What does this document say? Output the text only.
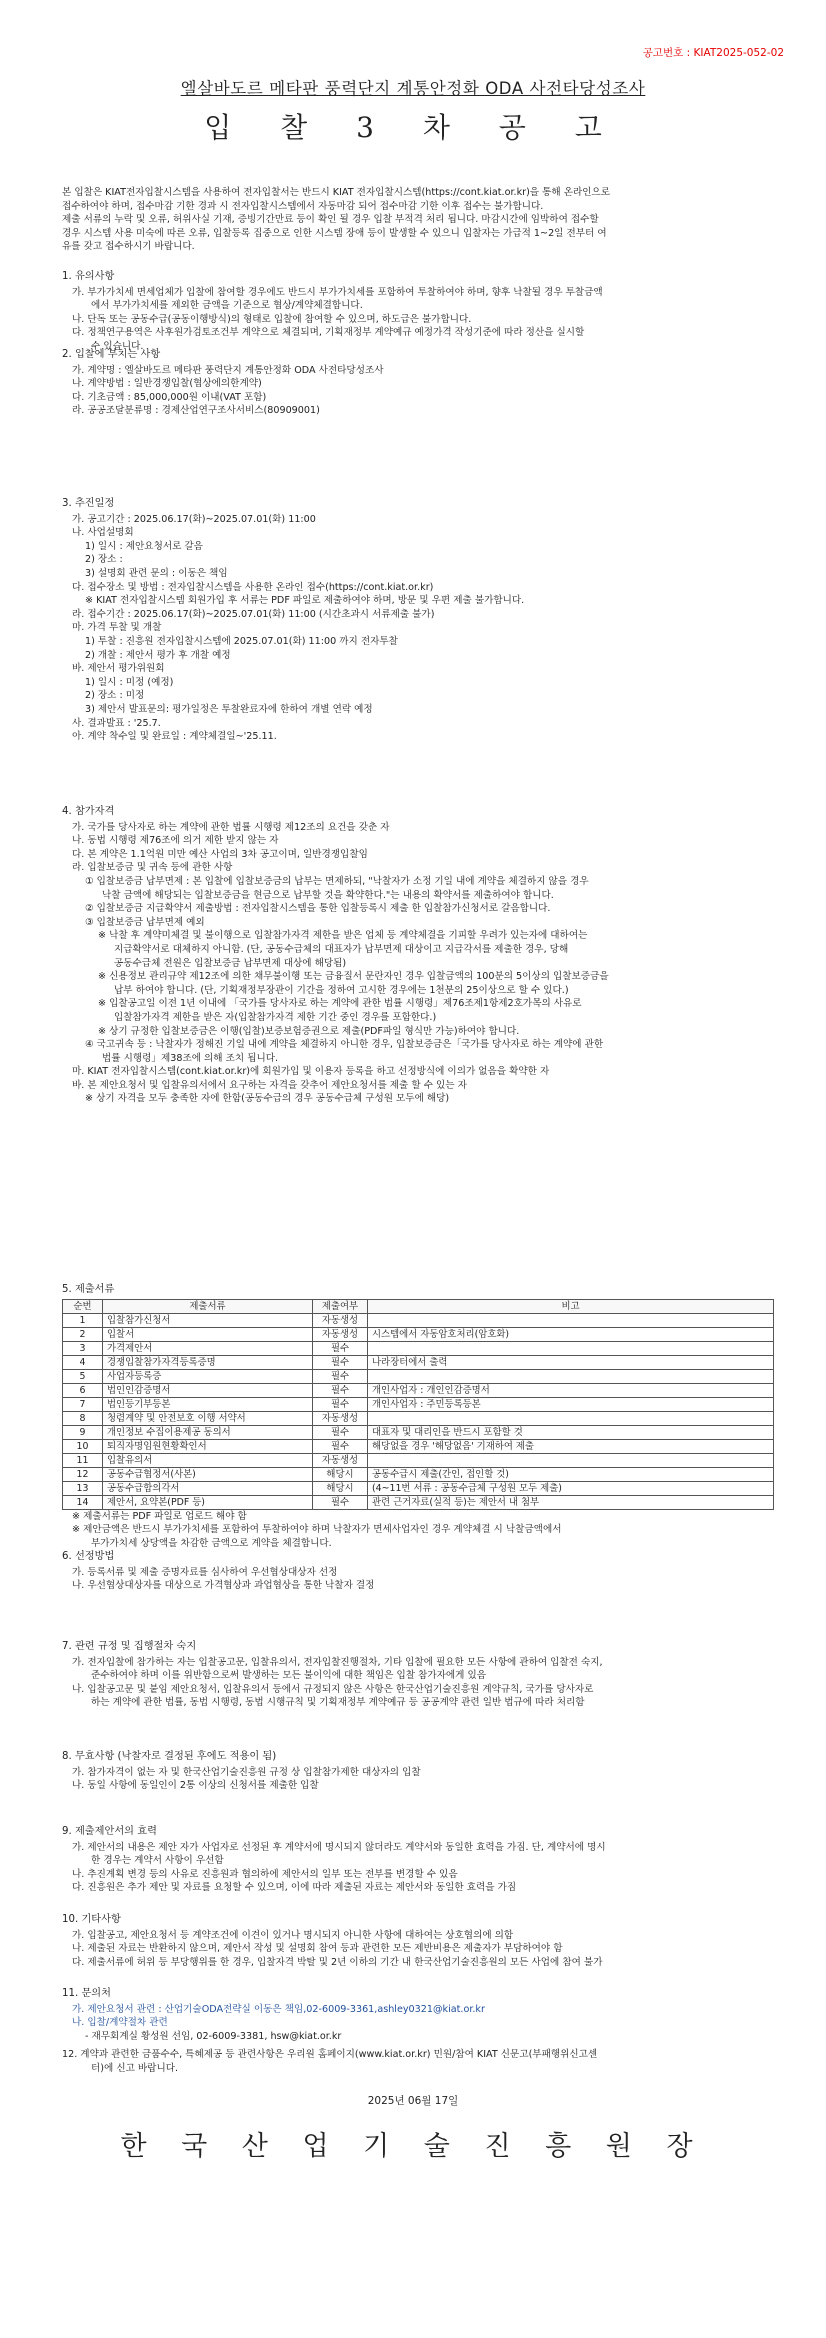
공고번호 : KIAT2025-052-02
엘살바도르 메타판 풍력단지 계통안정화 ODA 사전타당성조사
입 찰 3 차 공 고
본 입찰은 KIAT전자입찰시스템을 사용하여 전자입찰서는 반드시 KIAT 전자입찰시스템(https://cont.kiat.or.kr)을 통해 온라인으로
접수하여야 하며, 접수마감 기한 경과 시 전자입찰시스템에서 자동마감 되어 접수마감 기한 이후 접수는 불가합니다.
제출 서류의 누락 및 오류, 허위사실 기재, 증빙기간만료 등이 확인 될 경우 입찰 부적격 처리 됩니다. 마감시간에 임박하여 접수할
경우 시스템 사용 미숙에 따른 오류, 입찰등록 집중으로 인한 시스템 장애 등이 발생할 수 있으니 입찰자는 가급적 1~2일 전부터 여
유를 갖고 접수하시기 바랍니다.
1. 유의사항
가. 부가가치세 면세업체가 입찰에 참여할 경우에도 반드시 부가가치세를 포함하여 투찰하여야 하며, 향후 낙찰될 경우 투찰금액
에서 부가가치세를 제외한 금액을 기준으로 협상/계약체결합니다.
나. 단독 또는 공동수급(공동이행방식)의 형태로 입찰에 참여할 수 있으며, 하도급은 불가합니다.
다. 정책연구용역은 사후원가검토조건부 계약으로 체결되며, 기획재정부 계약예규 예정가격 작성기준에 따라 정산을 실시할
수 있습니다.
2. 입찰에 부치는 사항
가. 계약명 : 엘살바도르 메타판 풍력단지 계통안정화 ODA 사전타당성조사
나. 계약방법 : 일반경쟁입찰(협상에의한계약)
다. 기초금액 : 85,000,000원 이내(VAT 포함)
라. 공공조달분류명 : 경제산업연구조사서비스(80909001)
3. 추진일정
가. 공고기간 : 2025.06.17(화)~2025.07.01(화) 11:00
나. 사업설명회
1) 일시 : 제안요청서로 갈음
2) 장소 :
3) 설명회 관련 문의 : 이동은 책임
다. 접수장소 및 방법 : 전자입찰시스템을 사용한 온라인 접수(https://cont.kiat.or.kr)
※ KIAT 전자입찰시스템 회원가입 후 서류는 PDF 파일로 제출하여야 하며, 방문 및 우편 제출 불가합니다.
라. 접수기간 : 2025.06.17(화)~2025.07.01(화) 11:00 (시간초과시 서류제출 불가)
마. 가격 투찰 및 개찰
1) 투찰 : 진흥원 전자입찰시스템에 2025.07.01(화) 11:00 까지 전자투찰
2) 개찰 : 제안서 평가 후 개찰 예정
바. 제안서 평가위원회
1) 일시 : 미정 (예정)
2) 장소 : 미정
3) 제안서 발표문의: 평가일정은 투찰완료자에 한하여 개별 연락 예정
사. 결과발표 : '25.7.
아. 계약 착수일 및 완료일 : 계약체결일~'25.11.
4. 참가자격
가. 국가를 당사자로 하는 계약에 관한 법률 시행령 제12조의 요건을 갖춘 자
나. 동법 시행령 제76조에 의거 제한 받지 않는 자
다. 본 계약은 1.1억원 미만 예산 사업의 3차 공고이며, 일반경쟁입찰임
라. 입찰보증금 및 귀속 등에 관한 사항
① 입찰보증금 납부면제 : 본 입찰에 입찰보증금의 납부는 면제하되, "낙찰자가 소정 기일 내에 계약을 체결하지 않을 경우
낙찰 금액에 해당되는 입찰보증금을 현금으로 납부할 것을 확약한다."는 내용의 확약서를 제출하여야 합니다.
② 입찰보증금 지급확약서 제출방법 : 전자입찰시스템을 통한 입찰등록시 제출 한 입찰참가신청서로 갈음합니다.
③ 입찰보증금 납부면제 예외
※ 낙찰 후 계약미체결 및 불이행으로 입찰참가자격 제한을 받은 업체 등 계약체결을 기피할 우려가 있는자에 대하여는
지급확약서로 대체하지 아니함. (단, 공동수급체의 대표자가 납부면제 대상이고 지급각서를 제출한 경우, 당해
공동수급체 전원은 입찰보증금 납부면제 대상에 해당됨)
※ 신용정보 관리규약 제12조에 의한 채무불이행 또는 금융질서 문란자인 경우 입찰금액의 100분의 5이상의 입찰보증금을
납부 하여야 합니다. (단, 기획재정부장관이 기간을 정하여 고시한 경우에는 1천분의 25이상으로 할 수 있다.)
※ 입찰공고일 이전 1년 이내에 「국가를 당사자로 하는 계약에 관한 법률 시행령」제76조제1항제2호가목의 사유로
입찰참가자격 제한을 받은 자(입찰참가자격 제한 기간 중인 경우를 포함한다.)
※ 상기 규정한 입찰보증금은 이행(입찰)보증보험증권으로 제출(PDF파일 형식만 가능)하여야 합니다.
④ 국고귀속 등 : 낙찰자가 정해진 기일 내에 계약을 체결하지 아니한 경우, 입찰보증금은「국가를 당사자로 하는 계약에 관한
법률 시행령」제38조에 의해 조치 됩니다.
마. KIAT 전자입찰시스템(cont.kiat.or.kr)에 회원가입 및 이용자 등록을 하고 선정방식에 이의가 없음을 확약한 자
바. 본 제안요청서 및 입찰유의서에서 요구하는 자격을 갖추어 제안요청서를 제출 할 수 있는 자
※ 상기 자격을 모두 충족한 자에 한함(공동수급의 경우 공동수급체 구성원 모두에 해당)
5. 제출서류
순번	제출서류	제출여부	비고
1	입찰참가신청서	자동생성	
2	입찰서	자동생성	시스템에서 자동암호처리(암호화)
3	가격제안서	필수	
4	경쟁입찰참가자격등록증명	필수	나라장터에서 출력
5	사업자등록증	필수	
6	법인인감증명서	필수	개인사업자 : 개인인감증명서
7	법인등기부등본	필수	개인사업자 : 주민등록등본
8	청렴계약 및 안전보호 이행 서약서	자동생성	
9	개인정보 수집이용제공 동의서	필수	대표자 및 대리인을 반드시 포함할 것
10	퇴직자명임원현황확인서	필수	해당없을 경우 '해당없음' 기재하여 제출
11	입찰유의서	자동생성	
12	공동수급협정서(사본)	해당시	공동수급시 제출(간인, 접인할 것)
13	공동수급합의각서	해당시	(4~11번 서류 : 공동수급체 구성원 모두 제출)
14	제안서, 요약본(PDF 등)	필수	관련 근거자료(실적 등)는 제안서 내 첨부
※ 제출서류는 PDF 파일로 업로드 해야 함
※ 제안금액은 반드시 부가가치세를 포함하여 투찰하여야 하며 낙찰자가 면세사업자인 경우 계약체결 시 낙찰금액에서
부가가치세 상당액을 차감한 금액으로 계약을 체결합니다.
6. 선정방법
가. 등록서류 및 제출 증명자료를 심사하여 우선협상대상자 선정
나. 우선협상대상자를 대상으로 가격협상과 과업협상을 통한 낙찰자 결정
7. 관련 규정 및 집행절차 숙지
가. 전자입찰에 참가하는 자는 입찰공고문, 입찰유의서, 전자입찰진행절차, 기타 입찰에 필요한 모든 사항에 관하여 입찰전 숙지,
준수하여야 하며 이를 위반함으로써 발생하는 모든 불이익에 대한 책임은 입찰 참가자에게 있음
나. 입찰공고문 및 붙임 제안요청서, 입찰유의서 등에서 규정되지 않은 사항은 한국산업기술진흥원 계약규칙, 국가를 당사자로
하는 계약에 관한 법률, 동법 시행령, 동법 시행규칙 및 기획재정부 계약예규 등 공공계약 관련 일반 법규에 따라 처리함
8. 무효사항 (낙찰자로 결정된 후에도 적용이 됨)
가. 참가자격이 없는 자 및 한국산업기술진흥원 규정 상 입찰참가제한 대상자의 입찰
나. 동일 사항에 동일인이 2통 이상의 신청서를 제출한 입찰
9. 제출제안서의 효력
가. 제안서의 내용은 제안 자가 사업자로 선정된 후 계약서에 명시되지 않더라도 계약서와 동일한 효력을 가짐. 단, 계약서에 명시
한 경우는 계약서 사항이 우선함
나. 추진계획 변경 등의 사유로 진흥원과 협의하에 제안서의 일부 또는 전부를 변경할 수 있음
다. 진흥원은 추가 제안 및 자료를 요청할 수 있으며, 이에 따라 제출된 자료는 제안서와 동일한 효력을 가짐
10. 기타사항
가. 입찰공고, 제안요청서 등 계약조건에 이견이 있거나 명시되지 아니한 사항에 대하여는 상호협의에 의함
나. 제출된 자료는 반환하지 않으며, 제안서 작성 및 설명회 참여 등과 관련한 모든 제반비용은 제출자가 부담하여야 함
다. 제출서류에 허위 등 부당행위를 한 경우, 입찰자격 박탈 및 2년 이하의 기간 내 한국산업기술진흥원의 모든 사업에 참여 불가
11. 문의처
가. 제안요청서 관련 : 산업기술ODA전략실 이동은 책임,02-6009-3361,ashley0321@kiat.or.kr
나. 입찰/계약절차 관련
- 재무회계실 황성원 선임, 02-6009-3381, hsw@kiat.or.kr
12. 계약과 관련한 금품수수, 특혜제공 등 관련사항은 우리원 홈페이지(www.kiat.or.kr) 민원/참여 KIAT 신문고(부패행위신고센
터)에 신고 바랍니다.
2025년 06월 17일
한 국 산 업 기 술 진 흥 원 장
